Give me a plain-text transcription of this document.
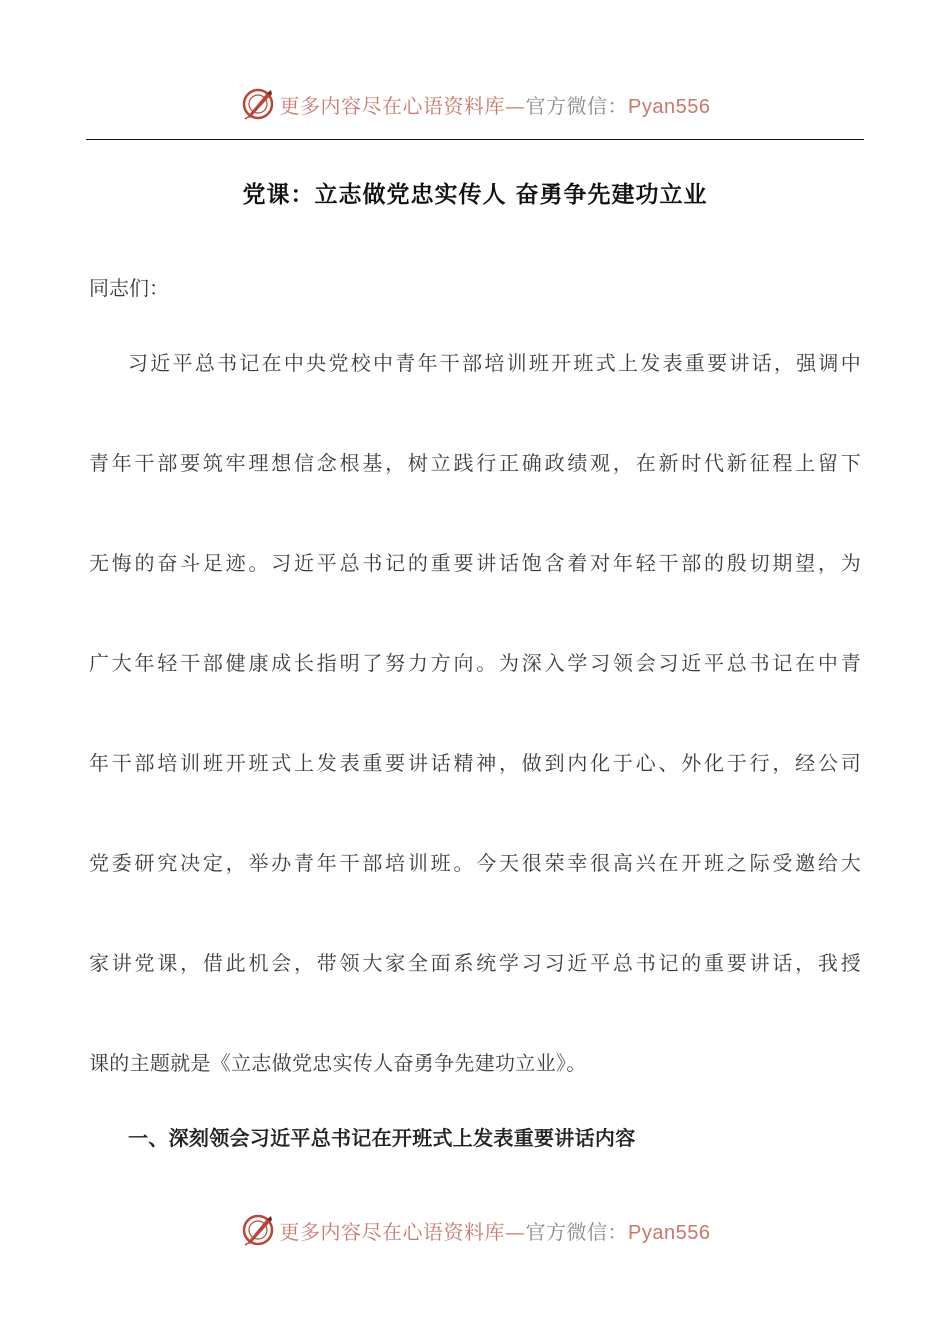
更多内容尽在心语资料库—官方微信：Pyan556
党课：立志做党忠实传人 奋勇争先建功立业

同志们：

习近平总书记在中央党校中青年干部培训班开班式上发表重要讲话，强调中

青年干部要筑牢理想信念根基，树立践行正确政绩观，在新时代新征程上留下

无悔的奋斗足迹。习近平总书记的重要讲话饱含着对年轻干部的殷切期望，为

广大年轻干部健康成长指明了努力方向。为深入学习领会习近平总书记在中青

年干部培训班开班式上发表重要讲话精神，做到内化于心、外化于行，经公司

党委研究决定，举办青年干部培训班。今天很荣幸很高兴在开班之际受邀给大

家讲党课，借此机会，带领大家全面系统学习习近平总书记的重要讲话，我授

课的主题就是《立志做党忠实传人奋勇争先建功立业》。

一、深刻领会习近平总书记在开班式上发表重要讲话内容
更多内容尽在心语资料库—官方微信：Pyan556
